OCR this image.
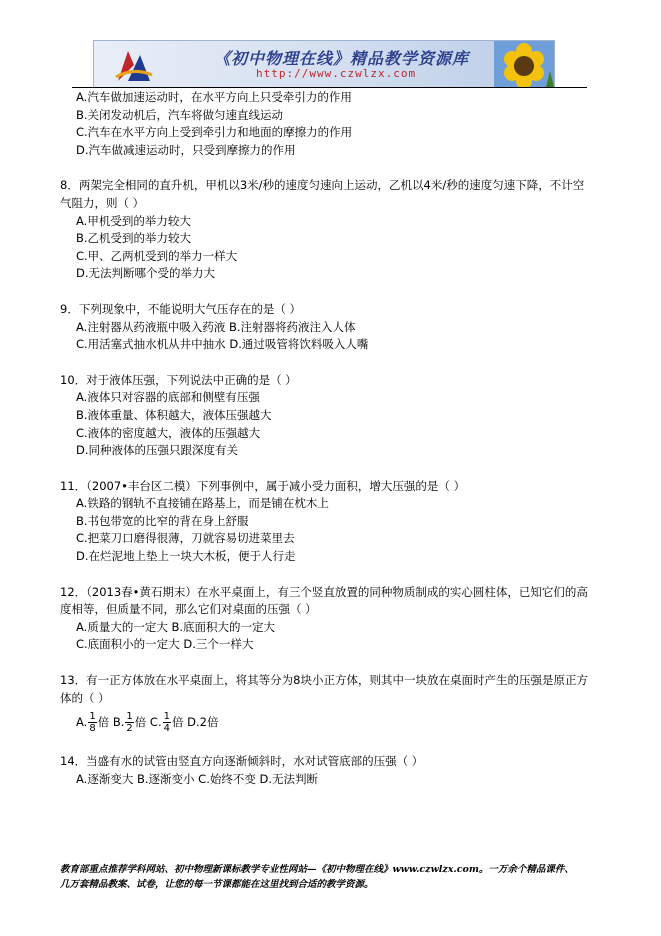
《初中物理在线》精品教学资源库
http://www.czwlzx.com

A.汽车做加速运动时，在水平方向上只受牵引力的作用

B.关闭发动机后，汽车将做匀速直线运动

C.汽车在水平方向上受到牵引力和地面的摩擦力的作用

D.汽车做减速运动时，只受到摩擦力的作用

8．两架完全相同的直升机，甲机以3米/秒的速度匀速向上运动，乙机以4米/秒的速度匀速下降，不计空气阻力，则（ ）

A.甲机受到的举力较大

B.乙机受到的举力较大

C.甲、乙两机受到的举力一样大

D.无法判断哪个受的举力大

9．下列现象中，不能说明大气压存在的是（ ）

A.注射器从药液瓶中吸入药液 B.注射器将药液注入人体

C.用活塞式抽水机从井中抽水 D.通过吸管将饮料吸入人嘴

10．对于液体压强，下列说法中正确的是（ ）

A.液体只对容器的底部和侧壁有压强

B.液体重量、体积越大，液体压强越大

C.液体的密度越大，液体的压强越大

D.同种液体的压强只跟深度有关

11．（2007•丰台区二模）下列事例中，属于减小受力面积，增大压强的是（ ）

A.铁路的钢轨不直接铺在路基上，而是铺在枕木上

B.书包带宽的比窄的背在身上舒服

C.把菜刀口磨得很薄，刀就容易切进菜里去

D.在烂泥地上垫上一块大木板，便于人行走

12．（2013春•黄石期末）在水平桌面上，有三个竖直放置的同种物质制成的实心圆柱体，已知它们的高度相等，但质量不同，那么它们对桌面的压强（ ）

A.质量大的一定大 B.底面积大的一定大

C.底面积小的一定大 D.三个一样大

13．有一正方体放在水平桌面上，将其等分为8块小正方体，则其中一块放在桌面时产生的压强是原正方体的（ ）

A. $\frac{1}{8}$ 倍 B. $\frac{1}{2}$ 倍 C. $\frac{1}{4}$ 倍 D.2倍

14．当盛有水的试管由竖直方向逐渐倾斜时，水对试管底部的压强（ ）

A.逐渐变大 B.逐渐变小 C.始终不变 D.无法判断

教育部重点推荐学科网站、初中物理新课标教学专业性网站—《初中物理在线》www.czwlzx.com。一万余个精品课件、
几万套精品教案、试卷，让您的每一节课都能在这里找到合适的教学资源。
